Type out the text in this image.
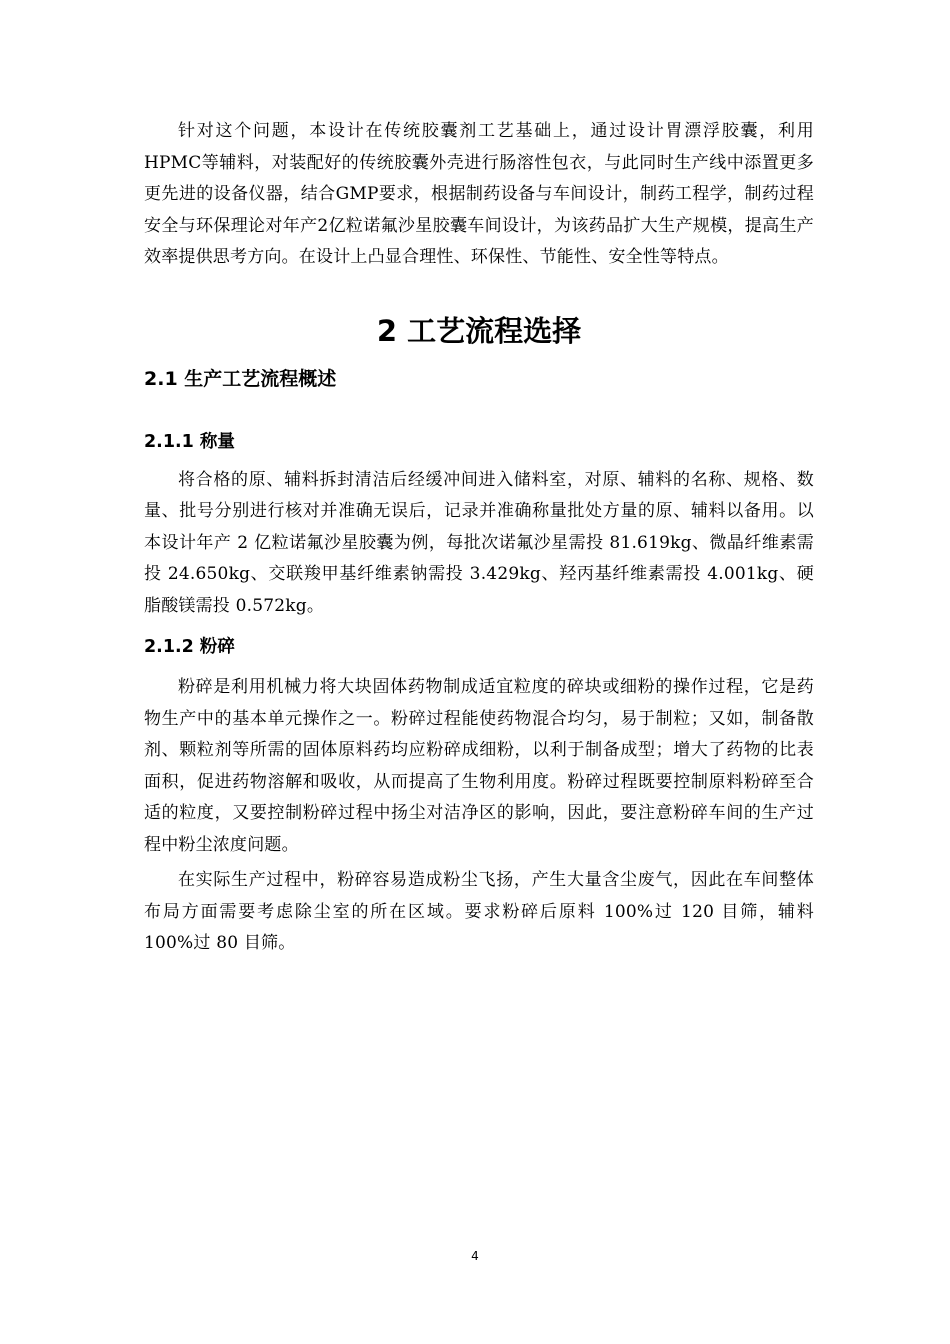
针对这个问题，本设计在传统胶囊剂工艺基础上，通过设计胃漂浮胶囊，利用HPMC等辅料，对装配好的传统胶囊外壳进行肠溶性包衣，与此同时生产线中添置更多更先进的设备仪器，结合GMP要求，根据制药设备与车间设计，制药工程学，制药过程安全与环保理论对年产2亿粒诺氟沙星胶囊车间设计，为该药品扩大生产规模，提高生产效率提供思考方向。在设计上凸显合理性、环保性、节能性、安全性等特点。

2 工艺流程选择
2.1 生产工艺流程概述
2.1.1 称量

将合格的原、辅料拆封清洁后经缓冲间进入储料室，对原、辅料的名称、规格、数量、批号分别进行核对并准确无误后，记录并准确称量批处方量的原、辅料以备用。以本设计年产 2 亿粒诺氟沙星胶囊为例，每批次诺氟沙星需投 81.619kg、微晶纤维素需投 24.650kg、交联羧甲基纤维素钠需投 3.429kg、羟丙基纤维素需投 4.001kg、硬脂酸镁需投 0.572kg。

2.1.2 粉碎

粉碎是利用机械力将大块固体药物制成适宜粒度的碎块或细粉的操作过程，它是药物生产中的基本单元操作之一。粉碎过程能使药物混合均匀，易于制粒；又如，制备散剂、颗粒剂等所需的固体原料药均应粉碎成细粉，以利于制备成型；增大了药物的比表面积，促进药物溶解和吸收，从而提高了生物利用度。粉碎过程既要控制原料粉碎至合适的粒度，又要控制粉碎过程中扬尘对洁净区的影响，因此，要注意粉碎车间的生产过程中粉尘浓度问题。

在实际生产过程中，粉碎容易造成粉尘飞扬，产生大量含尘废气，因此在车间整体布局方面需要考虑除尘室的所在区域。要求粉碎后原料 100%过 120 目筛，辅料 100%过 80 目筛。

4
